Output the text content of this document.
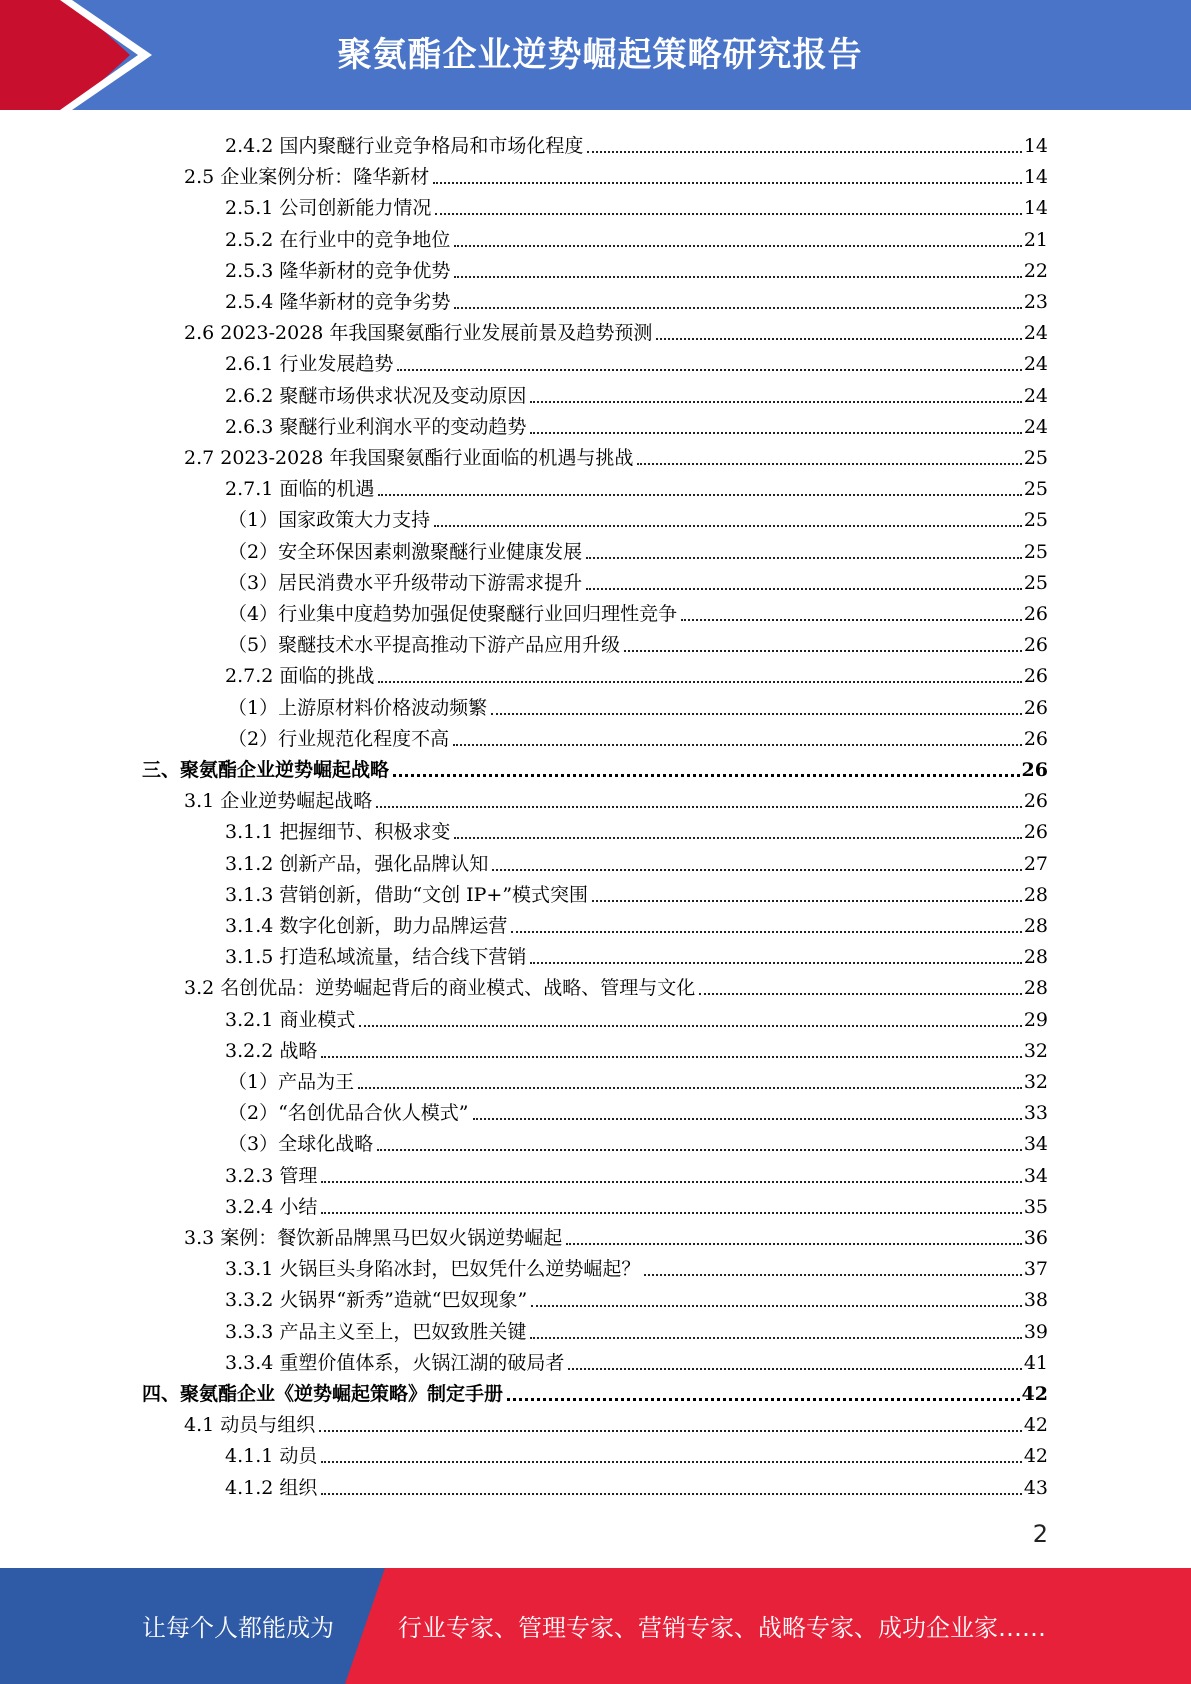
聚氨酯企业逆势崛起策略研究报告
2.4.2 国内聚醚行业竞争格局和市场化程度	14
2.5 企业案例分析：隆华新材	14
2.5.1 公司创新能力情况	14
2.5.2 在行业中的竞争地位	21
2.5.3 隆华新材的竞争优势	22
2.5.4 隆华新材的竞争劣势	23
2.6 2023-2028 年我国聚氨酯行业发展前景及趋势预测	24
2.6.1 行业发展趋势	24
2.6.2 聚醚市场供求状况及变动原因	24
2.6.3 聚醚行业利润水平的变动趋势	24
2.7 2023-2028 年我国聚氨酯行业面临的机遇与挑战	25
2.7.1 面临的机遇	25
（1）国家政策大力支持	25
（2）安全环保因素刺激聚醚行业健康发展	25
（3）居民消费水平升级带动下游需求提升	25
（4）行业集中度趋势加强促使聚醚行业回归理性竞争	26
（5）聚醚技术水平提高推动下游产品应用升级	26
2.7.2 面临的挑战	26
（1）上游原材料价格波动频繁	26
（2）行业规范化程度不高	26
三、聚氨酯企业逆势崛起战略	26
3.1 企业逆势崛起战略	26
3.1.1 把握细节、积极求变	26
3.1.2 创新产品，强化品牌认知	27
3.1.3 营销创新，借助“文创 IP+”模式突围	28
3.1.4 数字化创新，助力品牌运营	28
3.1.5 打造私域流量，结合线下营销	28
3.2 名创优品：逆势崛起背后的商业模式、战略、管理与文化	28
3.2.1 商业模式	29
3.2.2 战略	32
（1）产品为王	32
（2）“名创优品合伙人模式”	33
（3）全球化战略	34
3.2.3 管理	34
3.2.4 小结	35
3.3 案例：餐饮新品牌黑马巴奴火锅逆势崛起	36
3.3.1 火锅巨头身陷冰封，巴奴凭什么逆势崛起？	37
3.3.2 火锅界“新秀”造就“巴奴现象”	38
3.3.3 产品主义至上，巴奴致胜关键	39
3.3.4 重塑价值体系，火锅江湖的破局者	41
四、聚氨酯企业《逆势崛起策略》制定手册	42
4.1 动员与组织	42
4.1.1 动员	42
4.1.2 组织	43
2
让每个人都能成为	行业专家、管理专家、营销专家、战略专家、成功企业家……
